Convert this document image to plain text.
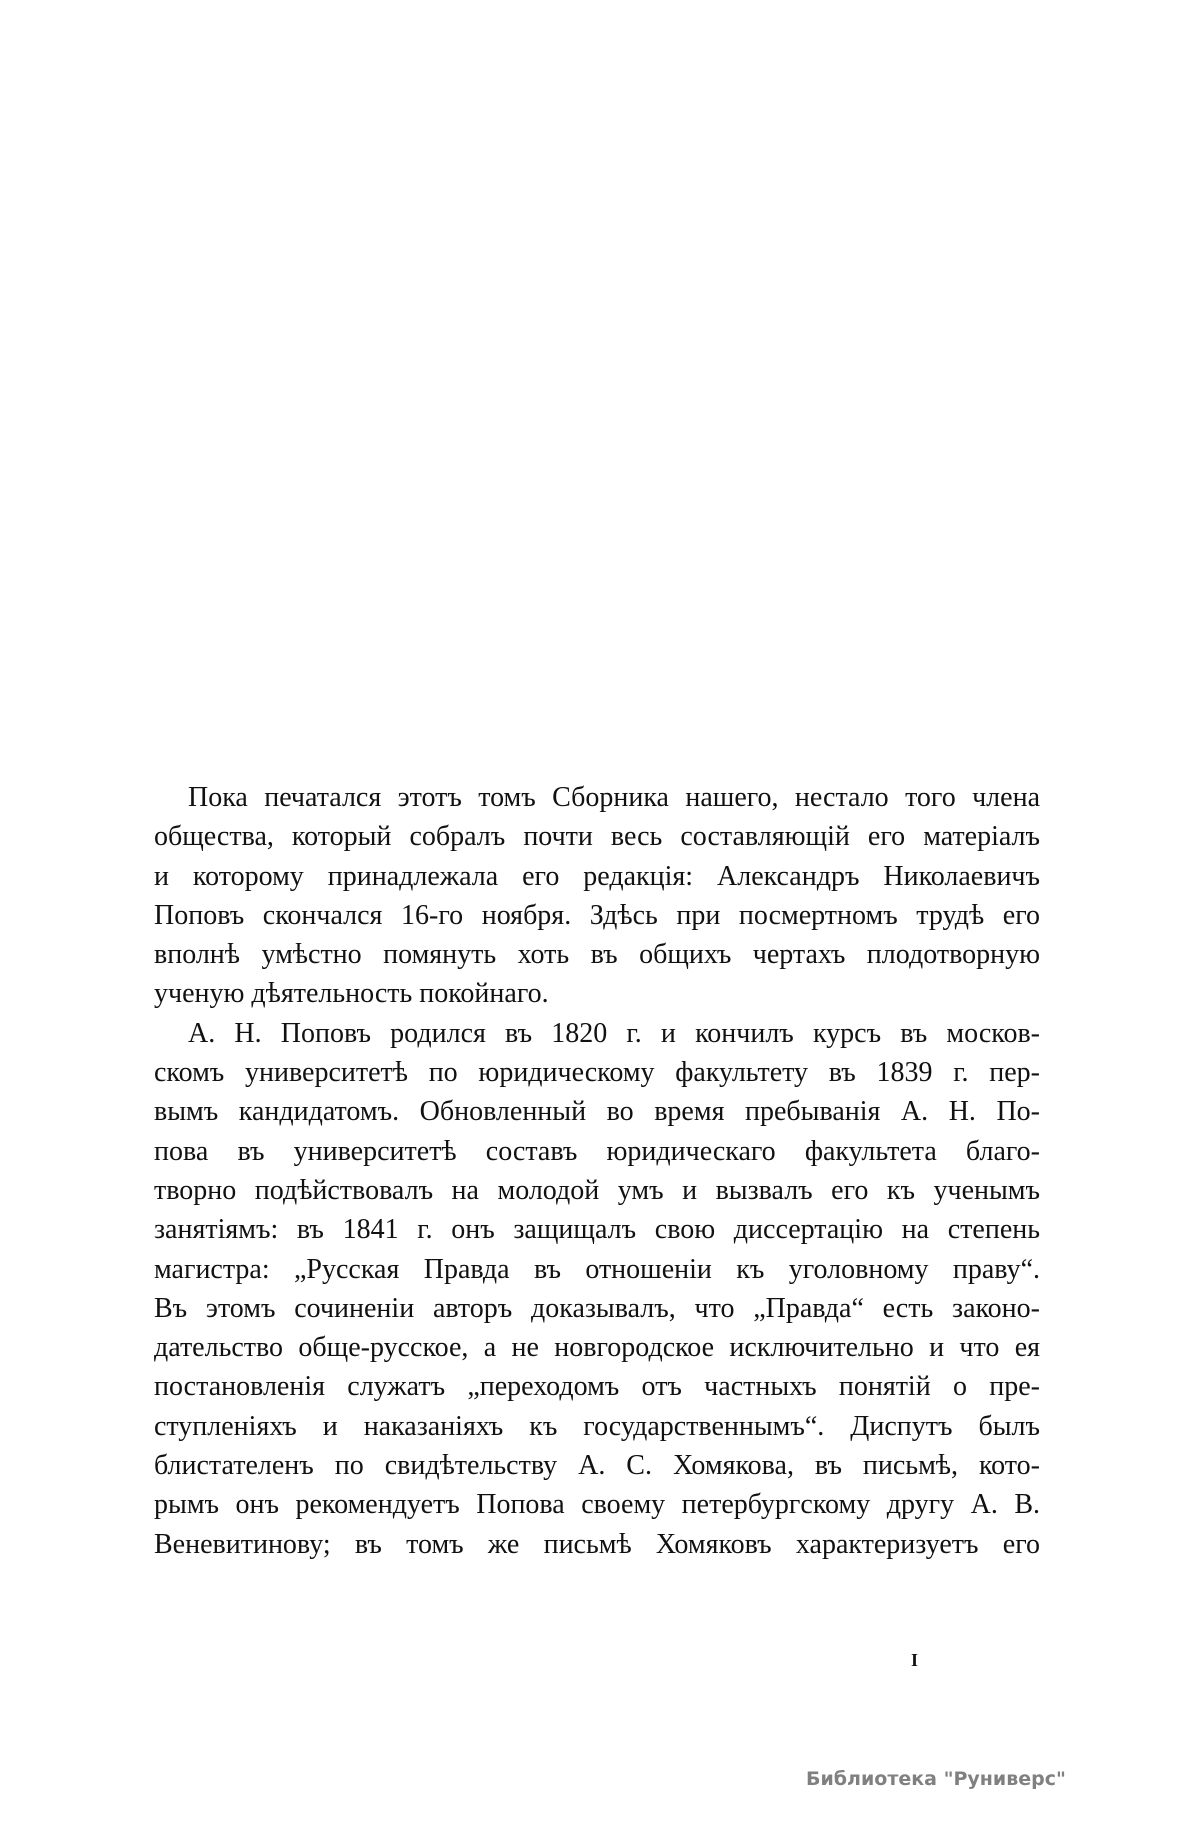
Пока печатался этотъ томъ Сборника нашего, нестало того члена
общества, который собралъ почти весь составляющій его матеріалъ
и которому принадлежала его редакція: Александръ Николаевичъ
Поповъ скончался 16-го ноября. Здѣсь при посмертномъ трудѣ его
вполнѣ умѣстно помянуть хоть въ общихъ чертахъ плодотворную
ученую дѣятельность покойнаго.
А. Н. Поповъ родился въ 1820 г. и кончилъ курсъ въ москов-
скомъ университетѣ по юридическому факультету въ 1839 г. пер-
вымъ кандидатомъ. Обновленный во время пребыванія А. Н. По-
пова въ университетѣ составъ юридическаго факультета благо-
творно подѣйствовалъ на молодой умъ и вызвалъ его къ ученымъ
занятіямъ: въ 1841 г. онъ защищалъ свою диссертацію на степень
магистра: „Русская Правда въ отношеніи къ уголовному праву“.
Въ этомъ сочиненіи авторъ доказывалъ, что „Правда“ есть законо-
дательство обще-русское, а не новгородское исключительно и что ея
постановленія служатъ „переходомъ отъ частныхъ понятій о пре-
ступленіяхъ и наказаніяхъ къ государственнымъ“. Диспутъ былъ
блистателенъ по свидѣтельству А. С. Хомякова, въ письмѣ, кото-
рымъ онъ рекомендуетъ Попова своему петербургскому другу А. В.
Веневитинову; въ томъ же письмѣ Хомяковъ характеризуетъ его
I
Библиотека "Руниверс"
